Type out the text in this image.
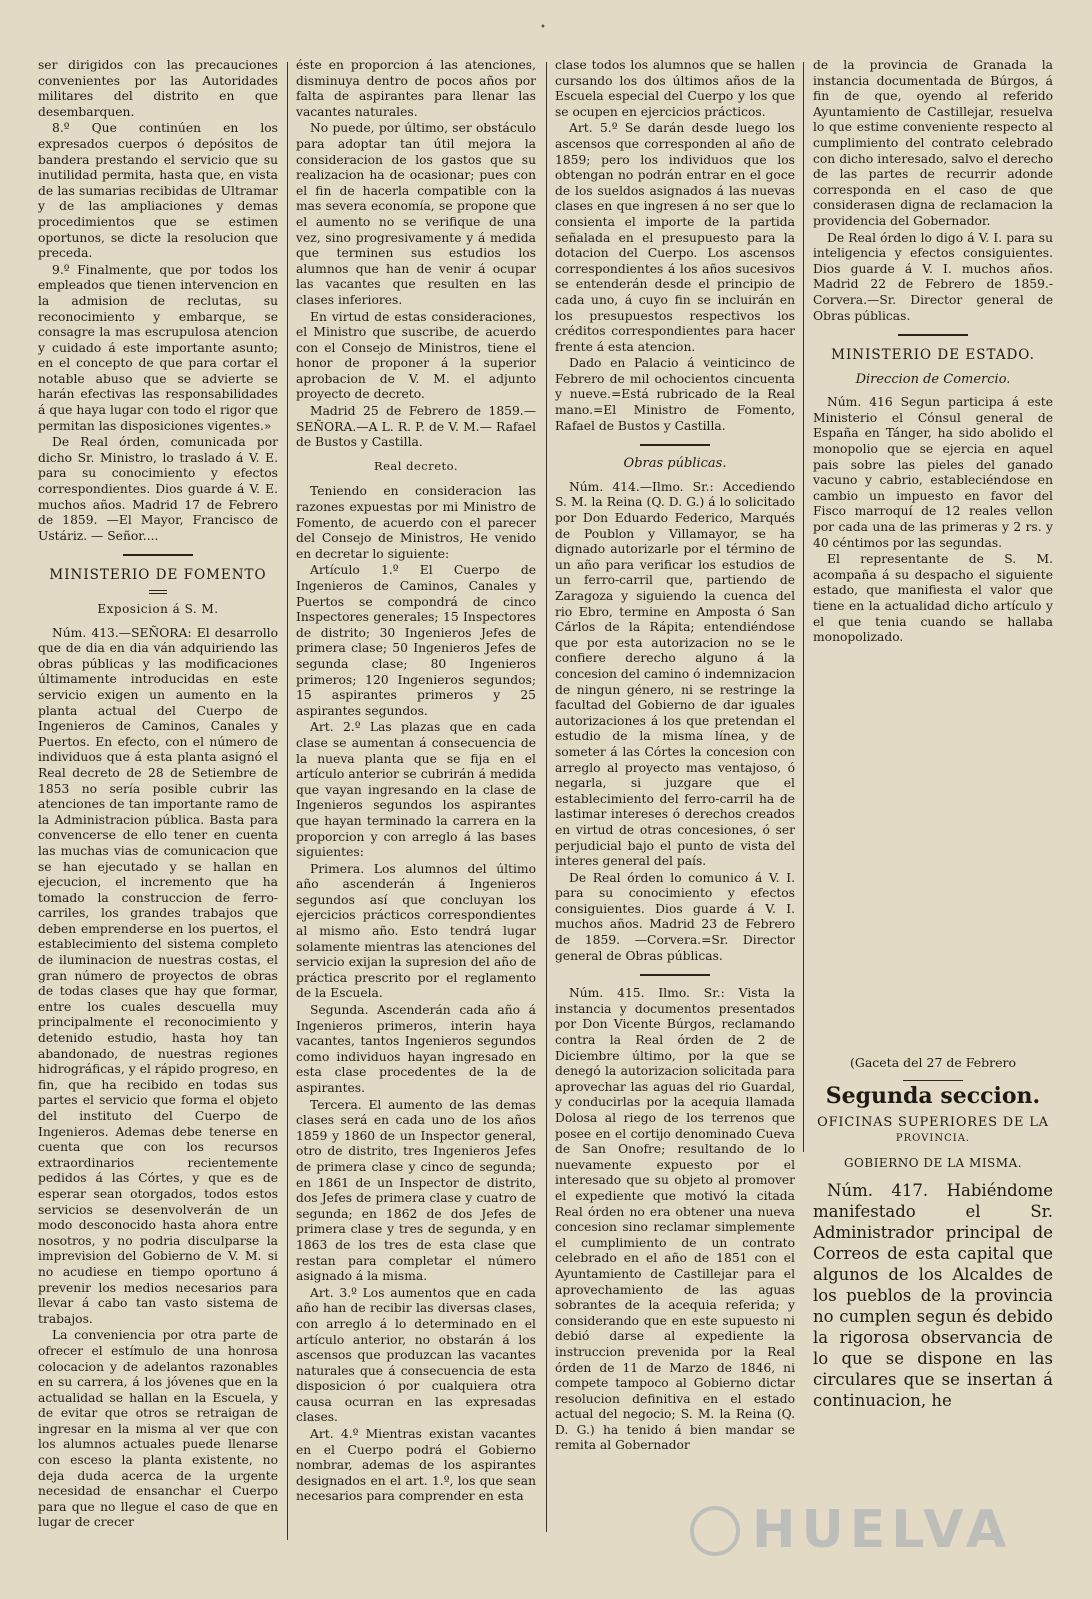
•

ser dirigidos con las precauciones convenientes por las Autoridades militares del distrito en que desembarquen.

8.º Que continúen en los expresados cuerpos ó depósitos de bandera prestando el servicio que su inutilidad permita, hasta que, en vista de las sumarias recibidas de Ultramar y de las ampliaciones y demas procedimientos que se estimen oportunos, se dicte la resolucion que preceda.

9.º Finalmente, que por todos los empleados que tienen intervencion en la admision de reclutas, su reconocimiento y embarque, se consagre la mas escrupulosa atencion y cuidado á este importante asunto; en el concepto de que para cortar el notable abuso que se advierte se harán efectivas las responsabilidades á que haya lugar con todo el rigor que permitan las disposiciones vigentes.»

De Real órden, comunicada por dicho Sr. Ministro, lo traslado á V. E. para su conocimiento y efectos correspondientes. Dios guarde á V. E. muchos años. Madrid 17 de Febrero de 1859. —El Mayor, Francisco de Ustáriz. — Señor....

MINISTERIO DE FOMENTO
Exposicion á S. M.

Núm. 413.—SEÑORA: El desarrollo que de dia en dia ván adquiriendo las obras públicas y las modificaciones últimamente introducidas en este servicio exigen un aumento en la planta actual del Cuerpo de Ingenieros de Caminos, Canales y Puertos. En efecto, con el número de individuos que á esta planta asignó el Real decreto de 28 de Setiembre de 1853 no sería posible cubrir las atenciones de tan importante ramo de la Administracion pública. Basta para convencerse de ello tener en cuenta las muchas vias de comunicacion que se han ejecutado y se hallan en ejecucion, el incremento que ha tomado la construccion de ferro-carriles, los grandes trabajos que deben emprenderse en los puertos, el establecimiento del sistema completo de iluminacion de nuestras costas, el gran número de proyectos de obras de todas clases que hay que formar, entre los cuales descuella muy principalmente el reconocimiento y detenido estudio, hasta hoy tan abandonado, de nuestras regiones hidrográficas, y el rápido progreso, en fin, que ha recibido en todas sus partes el servicio que forma el objeto del instituto del Cuerpo de Ingenieros. Ademas debe tenerse en cuenta que con los recursos extraordinarios recientemente pedidos á las Córtes, y que es de esperar sean otorgados, todos estos servicios se desenvolverán de un modo desconocido hasta ahora entre nosotros, y no podria disculparse la imprevision del Gobierno de V. M. si no acudiese en tiempo oportuno á prevenir los medios necesarios para llevar á cabo tan vasto sistema de trabajos.

La conveniencia por otra parte de ofrecer el estímulo de una honrosa colocacion y de adelantos razonables en su carrera, á los jóvenes que en la actualidad se hallan en la Escuela, y de evitar que otros se retraigan de ingresar en la misma al ver que con los alumnos actuales puede llenarse con esceso la planta existente, no deja duda acerca de la urgente necesidad de ensanchar el Cuerpo para que no llegue el caso de que en lugar de crecer

éste en proporcion á las atenciones, disminuya dentro de pocos años por falta de aspirantes para llenar las vacantes naturales.

No puede, por último, ser obstáculo para adoptar tan útil mejora la consideracion de los gastos que su realizacion ha de ocasionar; pues con el fin de hacerla compatible con la mas severa economía, se propone que el aumento no se verifique de una vez, sino progresivamente y á medida que terminen sus estudios los alumnos que han de venir á ocupar las vacantes que resulten en las clases inferiores.

En virtud de estas consideraciones, el Ministro que suscribe, de acuerdo con el Consejo de Ministros, tiene el honor de proponer á la superior aprobacion de V. M. el adjunto proyecto de decreto.

Madrid 25 de Febrero de 1859.— SEÑORA.—A L. R. P. de V. M.— Rafael de Bustos y Castilla.

Real decreto.

Teniendo en consideracion las razones expuestas por mi Ministro de Fomento, de acuerdo con el parecer del Consejo de Ministros, He venido en decretar lo siguiente:

Artículo 1.º El Cuerpo de Ingenieros de Caminos, Canales y Puertos se compondrá de cinco Inspectores generales; 15 Inspectores de distrito; 30 Ingenieros Jefes de primera clase; 50 Ingenieros Jefes de segunda clase; 80 Ingenieros primeros; 120 Ingenieros segundos; 15 aspirantes primeros y 25 aspirantes segundos.

Art. 2.º Las plazas que en cada clase se aumentan á consecuencia de la nueva planta que se fija en el artículo anterior se cubrirán á medida que vayan ingresando en la clase de Ingenieros segundos los aspirantes que hayan terminado la carrera en la proporcion y con arreglo á las bases siguientes:

Primera. Los alumnos del último año ascenderán á Ingenieros segundos así que concluyan los ejercicios prácticos correspondientes al mismo año. Esto tendrá lugar solamente mientras las atenciones del servicio exijan la supresion del año de práctica prescrito por el reglamento de la Escuela.

Segunda. Ascenderán cada año á Ingenieros primeros, interin haya vacantes, tantos Ingenieros segundos como individuos hayan ingresado en esta clase procedentes de la de aspirantes.

Tercera. El aumento de las demas clases será en cada uno de los años 1859 y 1860 de un Inspector general, otro de distrito, tres Ingenieros Jefes de primera clase y cinco de segunda; en 1861 de un Inspector de distrito, dos Jefes de primera clase y cuatro de segunda; en 1862 de dos Jefes de primera clase y tres de segunda, y en 1863 de los tres de esta clase que restan para completar el número asignado á la misma.

Art. 3.º Los aumentos que en cada año han de recibir las diversas clases, con arreglo á lo determinado en el artículo anterior, no obstarán á los ascensos que produzcan las vacantes naturales que á consecuencia de esta disposicion ó por cualquiera otra causa ocurran en las expresadas clases.

Art. 4.º Mientras existan vacantes en el Cuerpo podrá el Gobierno nombrar, ademas de los aspirantes designados en el art. 1.º, los que sean necesarios para comprender en esta

clase todos los alumnos que se hallen cursando los dos últimos años de la Escuela especial del Cuerpo y los que se ocupen en ejercicios prácticos.

Art. 5.º Se darán desde luego los ascensos que corresponden al año de 1859; pero los individuos que los obtengan no podrán entrar en el goce de los sueldos asignados á las nuevas clases en que ingresen á no ser que lo consienta el importe de la partida señalada en el presupuesto para la dotacion del Cuerpo. Los ascensos correspondientes á los años sucesivos se entenderán desde el principio de cada uno, á cuyo fin se incluirán en los presupuestos respectivos los créditos correspondientes para hacer frente á esta atencion.

Dado en Palacio á veinticinco de Febrero de mil ochocientos cincuenta y nueve.=Está rubricado de la Real mano.=El Ministro de Fomento, Rafael de Bustos y Castilla.

Obras públicas.

Núm. 414.—Ilmo. Sr.: Accediendo S. M. la Reina (Q. D. G.) á lo solicitado por Don Eduardo Federico, Marqués de Poublon y Villamayor, se ha dignado autorizarle por el término de un año para verificar los estudios de un ferro-carril que, partiendo de Zaragoza y siguiendo la cuenca del rio Ebro, termine en Amposta ó San Cárlos de la Rápita; entendiéndose que por esta autorizacion no se le confiere derecho alguno á la concesion del camino ó indemnizacion de ningun género, ni se restringe la facultad del Gobierno de dar iguales autorizaciones á los que pretendan el estudio de la misma línea, y de someter á las Córtes la concesion con arreglo al proyecto mas ventajoso, ó negarla, si juzgare que el establecimiento del ferro-carril ha de lastimar intereses ó derechos creados en virtud de otras concesiones, ó ser perjudicial bajo el punto de vista del interes general del país.

De Real órden lo comunico á V. I. para su conocimiento y efectos consiguientes. Dios guarde á V. I. muchos años. Madrid 23 de Febrero de 1859. —Corvera.=Sr. Director general de Obras públicas.

Núm. 415. Ilmo. Sr.: Vista la instancia y documentos presentados por Don Vicente Búrgos, reclamando contra la Real órden de 2 de Diciembre último, por la que se denegó la autorizacion solicitada para aprovechar las aguas del rio Guardal, y conducirlas por la acequia llamada Dolosa al riego de los terrenos que posee en el cortijo denominado Cueva de San Onofre; resultando de lo nuevamente expuesto por el interesado que su objeto al promover el expediente que motivó la citada Real órden no era obtener una nueva concesion sino reclamar simplemente el cumplimiento de un contrato celebrado en el año de 1851 con el Ayuntamiento de Castillejar para el aprovechamiento de las aguas sobrantes de la acequia referida; y considerando que en este supuesto ni debió darse al expediente la instruccion prevenida por la Real órden de 11 de Marzo de 1846, ni compete tampoco al Gobierno dictar resolucion definitiva en el estado actual del negocio; S. M. la Reina (Q. D. G.) ha tenido á bien mandar se remita al Gobernador

de la provincia de Granada la instancia documentada de Búrgos, á fin de que, oyendo al referido Ayuntamiento de Castillejar, resuelva lo que estime conveniente respecto al cumplimiento del contrato celebrado con dicho interesado, salvo el derecho de las partes de recurrir adonde corresponda en el caso de que considerasen digna de reclamacion la providencia del Gobernador.

De Real órden lo digo á V. I. para su inteligencia y efectos consiguientes. Dios guarde á V. I. muchos años. Madrid 22 de Febrero de 1859.-Corvera.—Sr. Director general de Obras públicas.

MINISTERIO DE ESTADO.
Direccion de Comercio.

Núm. 416 Segun participa á este Ministerio el Cónsul general de España en Tánger, ha sido abolido el monopolio que se ejercia en aquel pais sobre las pieles del ganado vacuno y cabrio, estableciéndose en cambio un impuesto en favor del Fisco marroquí de 12 reales vellon por cada una de las primeras y 2 rs. y 40 céntimos por las segundas.

El representante de S. M. acompaña á su despacho el siguiente estado, que manifiesta el valor que tiene en la actualidad dicho artículo y el que tenia cuando se hallaba monopolizado.

(Gaceta del 27 de Febrero
Segunda seccion.
OFICINAS SUPERIORES DE LA
PROVINCIA.
GOBIERNO DE LA MISMA.

Núm. 417. Habiéndome manifestado el Sr. Administrador principal de Correos de esta capital que algunos de los Alcaldes de los pueblos de la provincia no cumplen segun és debido la rigorosa observancia de lo que se dispone en las circulares que se insertan á continuacion, he

HUELVA
